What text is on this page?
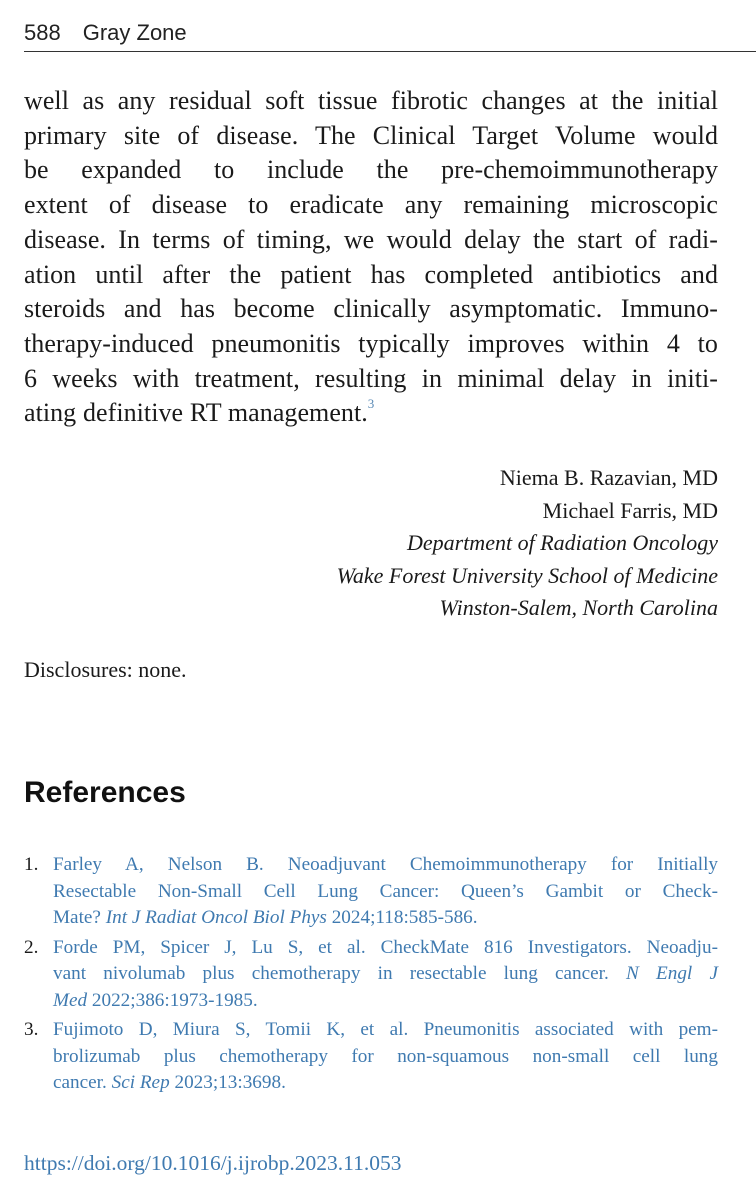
588 Gray Zone
well as any residual soft tissue fibrotic changes at the initial
primary site of disease. The Clinical Target Volume would
be expanded to include the pre-chemoimmunotherapy
extent of disease to eradicate any remaining microscopic
disease. In terms of timing, we would delay the start of radi-
ation until after the patient has completed antibiotics and
steroids and has become clinically asymptomatic. Immuno-
therapy-induced pneumonitis typically improves within 4 to
6 weeks with treatment, resulting in minimal delay in initi-
ating definitive RT management.$^3$
Niema B. Razavian, MD
Michael Farris, MD
Department of Radiation Oncology
Wake Forest University School of Medicine
Winston-Salem, North Carolina
Disclosures: none.
References
1. Farley A, Nelson B. Neoadjuvant Chemoimmunotherapy for Initially
Resectable Non-Small Cell Lung Cancer: Queen’s Gambit or Check-
Mate? Int J Radiat Oncol Biol Phys 2024;118:585-586.
2. Forde PM, Spicer J, Lu S, et al. CheckMate 816 Investigators. Neoadju-
vant nivolumab plus chemotherapy in resectable lung cancer. N Engl J
Med 2022;386:1973-1985.
3. Fujimoto D, Miura S, Tomii K, et al. Pneumonitis associated with pem-
brolizumab plus chemotherapy for non-squamous non-small cell lung
cancer. Sci Rep 2023;13:3698.
https://doi.org/10.1016/j.ijrobp.2023.11.053
